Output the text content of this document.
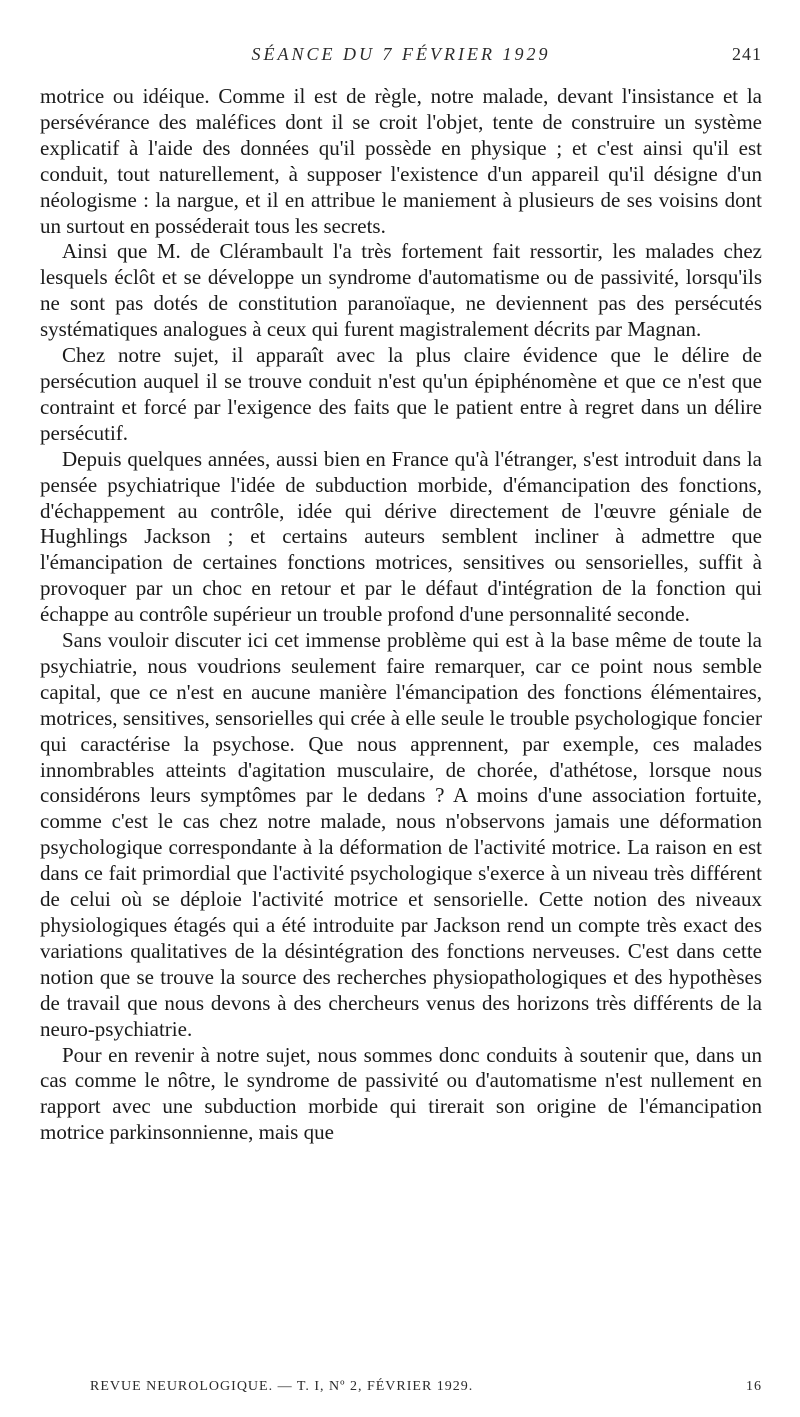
SÉANCE DU 7 FÉVRIER 1929	241

motrice ou idéique. Comme il est de règle, notre malade, devant l'insistance et la persévérance des maléfices dont il se croit l'objet, tente de construire un système explicatif à l'aide des données qu'il possède en physique ; et c'est ainsi qu'il est conduit, tout naturellement, à supposer l'existence d'un appareil qu'il désigne d'un néologisme : la nargue, et il en attribue le maniement à plusieurs de ses voisins dont un surtout en posséderait tous les secrets.

Ainsi que M. de Clérambault l'a très fortement fait ressortir, les malades chez lesquels éclôt et se développe un syndrome d'automatisme ou de passivité, lorsqu'ils ne sont pas dotés de constitution paranoïaque, ne deviennent pas des persécutés systématiques analogues à ceux qui furent magistralement décrits par Magnan.

Chez notre sujet, il apparaît avec la plus claire évidence que le délire de persécution auquel il se trouve conduit n'est qu'un épiphénomène et que ce n'est que contraint et forcé par l'exigence des faits que le patient entre à regret dans un délire persécutif.

Depuis quelques années, aussi bien en France qu'à l'étranger, s'est introduit dans la pensée psychiatrique l'idée de subduction morbide, d'émancipation des fonctions, d'échappement au contrôle, idée qui dérive directement de l'œuvre géniale de Hughlings Jackson ; et certains auteurs semblent incliner à admettre que l'émancipation de certaines fonctions motrices, sensitives ou sensorielles, suffit à provoquer par un choc en retour et par le défaut d'intégration de la fonction qui échappe au contrôle supérieur un trouble profond d'une personnalité seconde.

Sans vouloir discuter ici cet immense problème qui est à la base même de toute la psychiatrie, nous voudrions seulement faire remarquer, car ce point nous semble capital, que ce n'est en aucune manière l'émancipation des fonctions élémentaires, motrices, sensitives, sensorielles qui crée à elle seule le trouble psychologique foncier qui caractérise la psychose. Que nous apprennent, par exemple, ces malades innombrables atteints d'agitation musculaire, de chorée, d'athétose, lorsque nous considérons leurs symptômes par le dedans ? A moins d'une association fortuite, comme c'est le cas chez notre malade, nous n'observons jamais une déformation psychologique correspondante à la déformation de l'activité motrice. La raison en est dans ce fait primordial que l'activité psychologique s'exerce à un niveau très différent de celui où se déploie l'activité motrice et sensorielle. Cette notion des niveaux physiologiques étagés qui a été introduite par Jackson rend un compte très exact des variations qualitatives de la désintégration des fonctions nerveuses. C'est dans cette notion que se trouve la source des recherches physiopathologiques et des hypothèses de travail que nous devons à des chercheurs venus des horizons très différents de la neuro-psychiatrie.

Pour en revenir à notre sujet, nous sommes donc conduits à soutenir que, dans un cas comme le nôtre, le syndrome de passivité ou d'automatisme n'est nullement en rapport avec une subduction morbide qui tirerait son origine de l'émancipation motrice parkinsonnienne, mais que

REVUE NEUROLOGIQUE. — T. I, Nº 2, FÉVRIER 1929.	16
